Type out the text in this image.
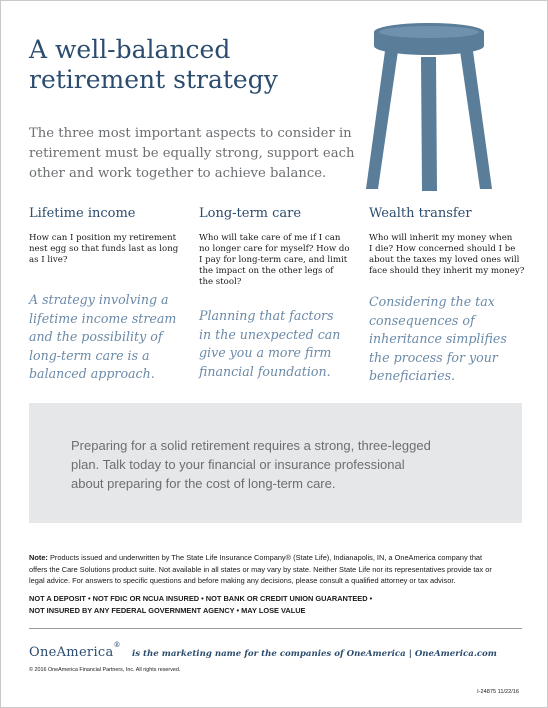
A well-balanced
retirement strategy

The three most important aspects to consider in
retirement must be equally strong, support each
other and work together to achieve balance.

Lifetime income

How can I position my retirement
nest egg so that funds last as long
as I live?

A strategy involving a
lifetime income stream
and the possibility of
long-term care is a
balanced approach.

Long-term care

Who will take care of me if I can
no longer care for myself? How do
I pay for long-term care, and limit
the impact on the other legs of
the stool?

Planning that factors
in the unexpected can
give you a more firm
financial foundation.

Wealth transfer

Who will inherit my money when
I die? How concerned should I be
about the taxes my loved ones will
face should they inherit my money?

Considering the tax
consequences of
inheritance simplifies
the process for your
beneficiaries.

Preparing for a solid retirement requires a strong, three-legged
plan. Talk today to your financial or insurance professional
about preparing for the cost of long-term care.

Note: Products issued and underwritten by The State Life Insurance Company® (State Life), Indianapolis, IN, a OneAmerica company that
offers the Care Solutions product suite. Not available in all states or may vary by state. Neither State Life nor its representatives provide tax or
legal advice. For answers to specific questions and before making any decisions, please consult a qualified attorney or tax advisor.
NOT A DEPOSIT • NOT FDIC OR NCUA INSURED • NOT BANK OR CREDIT UNION GUARANTEED •
NOT INSURED BY ANY FEDERAL GOVERNMENT AGENCY • MAY LOSE VALUE
OneAmerica® is the marketing name for the companies of OneAmerica | OneAmerica.com
© 2016 OneAmerica Financial Partners, Inc. All rights reserved.
I-24875 11/22/16
